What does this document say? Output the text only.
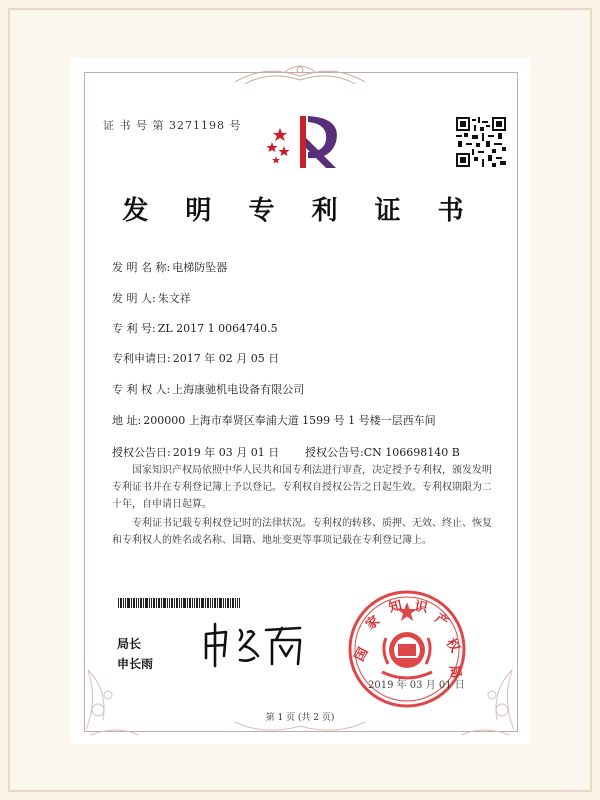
证 书 号 第 3271198 号
发 明 专 利 证 书
发 明 名 称: 电梯防坠器
发 明 人: 朱文祥
专 利 号: ZL 2017 1 0064740.5
专利申请日: 2017 年 02 月 05 日
专 利 权 人: 上海康驰机电设备有限公司
地 址: 200000 上海市奉贤区奉浦大道 1599 号 1 号楼一层西车间
授权公告日: 2019 年 03 月 01 日 授权公告号:CN 106698140 B
国家知识产权局依照中华人民共和国专利法进行审查，决定授予专利权，颁发发明专利证书并在专利登记簿上予以登记。专利权自授权公告之日起生效。专利权期限为二十年，自申请日起算。
专利证书记载专利权登记时的法律状况。专利权的转移、质押、无效、终止、恢复和专利权人的姓名或名称、国籍、地址变更等事项记载在专利登记簿上。
局长
申长雨
国
家
知 识
产
权
局
2019 年 03 月 01 日
第 1 页 (共 2 页)
